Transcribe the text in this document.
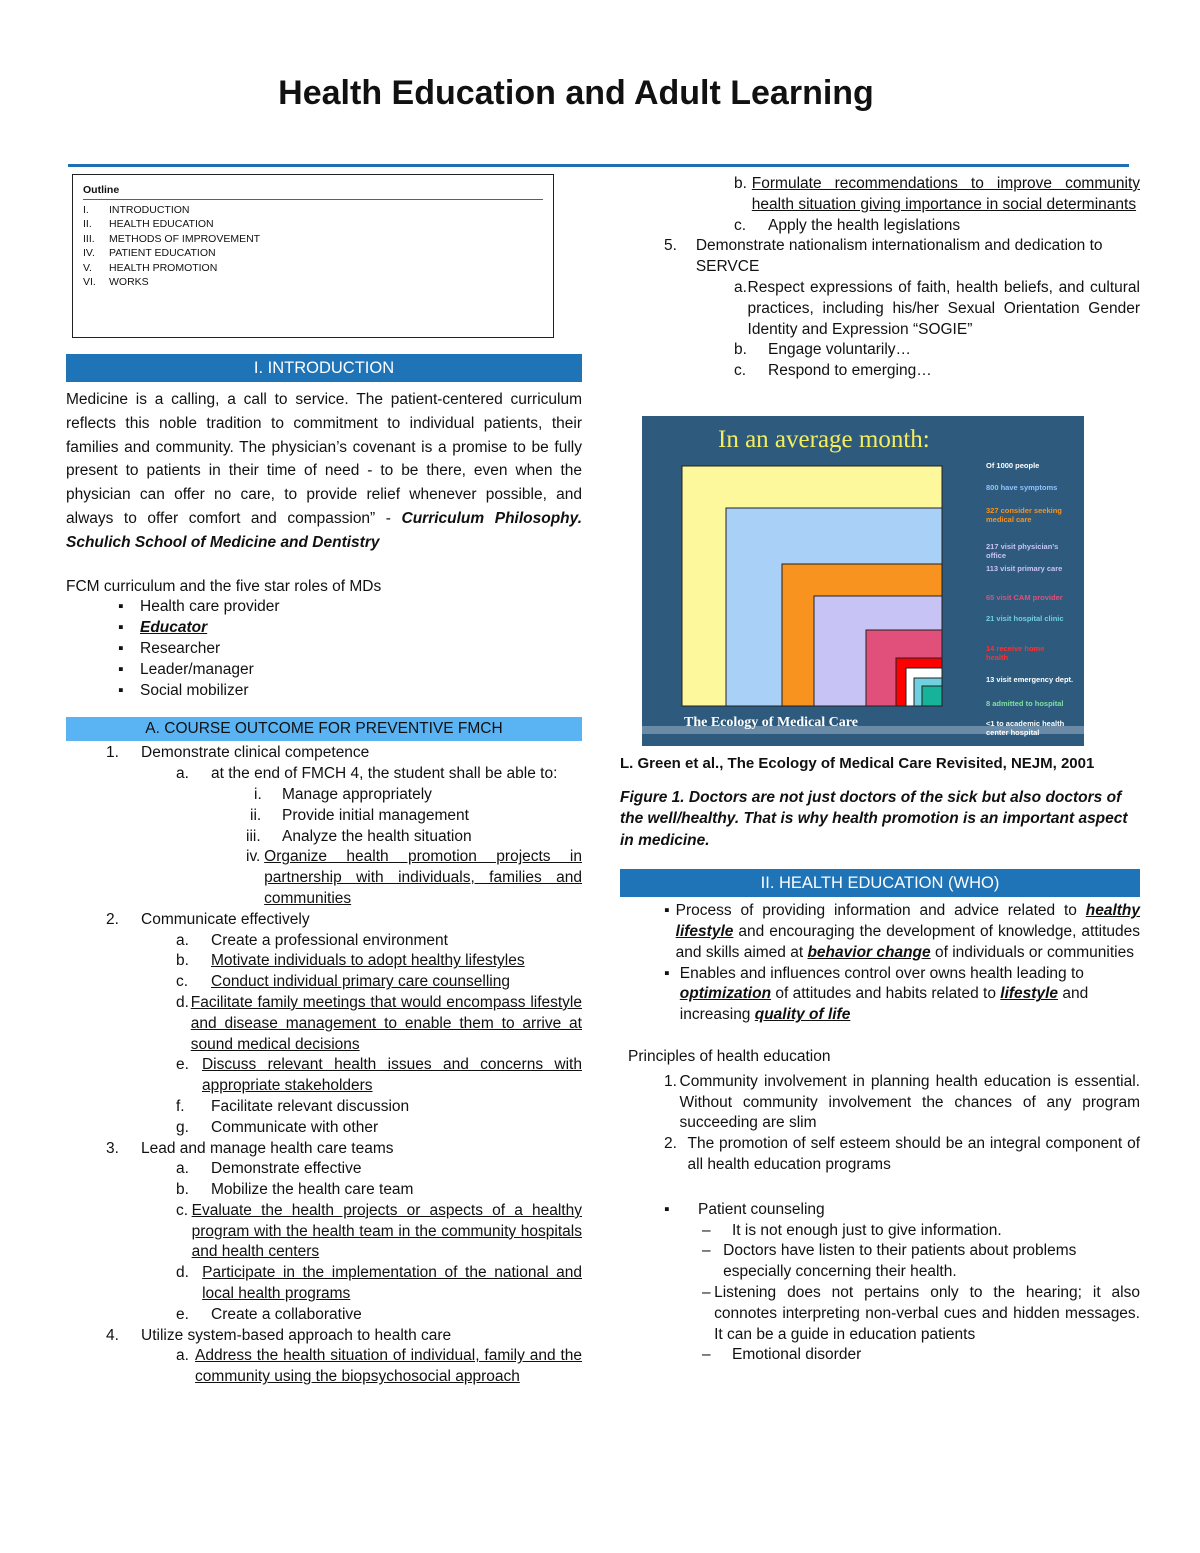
Health Education and Adult Learning
Outline
I.	INTRODUCTION
II.	HEALTH EDUCATION
III.	METHODS OF IMPROVEMENT
IV.	PATIENT EDUCATION
V.	HEALTH PROMOTION
VI.	WORKS
I. INTRODUCTION

Medicine is a calling, a call to service. The patient-centered curriculum reflects this noble tradition to commitment to individual patients, their families and community. The physician’s covenant is a promise to be fully present to patients in their time of need - to be there, even when the physician can offer no care, to provide relief whenever possible, and always to offer comfort and compassion” - Curriculum Philosophy. Schulich School of Medicine and Dentistry

FCM curriculum and the five star roles of MDs

▪	Health care provider
▪	Educator
▪	Researcher
▪	Leader/manager
▪	Social mobilizer
A. COURSE OUTCOME FOR PREVENTIVE FMCH
1.	Demonstrate clinical competence
a.	at the end of FMCH 4, the student shall be able to:
i.	Manage appropriately
ii.	Provide initial management
iii.	Analyze the health situation
iv. Organize health promotion projects in partnership with individuals, families and communities
2.	Communicate effectively
a.	Create a professional environment
b.	Motivate individuals to adopt healthy lifestyles
c.	Conduct individual primary care counselling
d. Facilitate family meetings that would encompass lifestyle and disease management to enable them to arrive at sound medical decisions
e. Discuss relevant health issues and concerns with appropriate stakeholders
f.	Facilitate relevant discussion
g.	Communicate with other
3.	Lead and manage health care teams
a.	Demonstrate effective
b.	Mobilize the health care team
c. Evaluate the health projects or aspects of a healthy program with the health team in the community hospitals and health centers
d. Participate in the implementation of the national and local health programs
e.	Create a collaborative
4.	Utilize system-based approach to health care
a. Address the health situation of individual, family and the community using the biopsychosocial approach
b. Formulate recommendations to improve community health situation giving importance in social determinants
c.	Apply the health legislations
5.	Demonstrate nationalism internationalism and dedication to SERVCE
a. Respect expressions of faith, health beliefs, and cultural practices, including his/her Sexual Orientation Gender Identity and Expression “SOGIE”
b.	Engage voluntarily…
c.	Respond to emerging…
In an average month:
The Ecology of Medical Care
Of 1000 people
800 have symptoms
327 consider seeking medical care
217 visit physician’s office
113 visit primary care
65 visit CAM provider
21 visit hospital clinic
14 receive home health
13 visit emergency dept.
8 admitted to hospital
<1 to academic health center hospital
L. Green et al., The Ecology of Medical Care Revisited, NEJM, 2001

Figure 1. Doctors are not just doctors of the sick but also doctors of the well/healthy. That is why health promotion is an important aspect in medicine.

II. HEALTH EDUCATION (WHO)
▪ Process of providing information and advice related to healthy lifestyle and encouraging the development of knowledge, attitudes and skills aimed at behavior change of individuals or communities
▪ Enables and influences control over owns health leading to optimization of attitudes and habits related to lifestyle and increasing quality of life

Principles of health education

1. Community involvement in planning health education is essential. Without community involvement the chances of any program succeeding are slim
2. The promotion of self esteem should be an integral component of all health education programs
▪	Patient counseling
–	It is not enough just to give information.
– Doctors have listen to their patients about problems especially concerning their health.
– Listening does not pertains only to the hearing; it also connotes interpreting non-verbal cues and hidden messages. It can be a guide in education patients
–	Emotional disorder
